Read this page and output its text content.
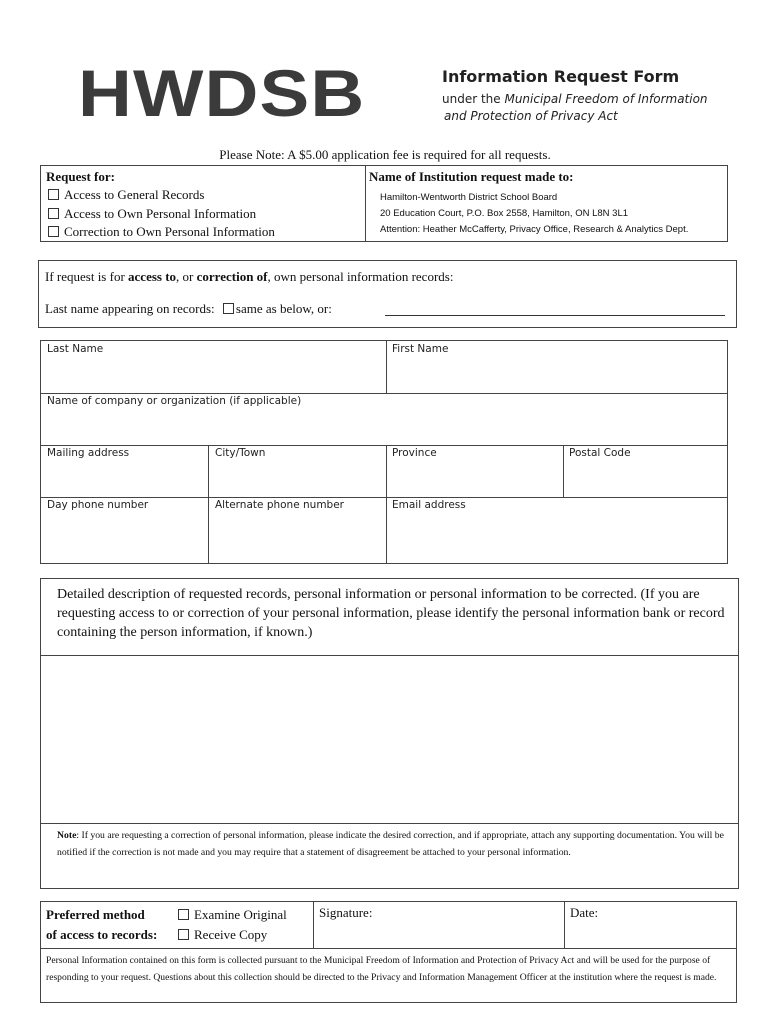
HWDSB	Information Request Form
under the Municipal Freedom of Information
and Protection of Privacy Act
Please Note: A $5.00 application fee is required for all requests.
Request for:
Access to General Records
Access to Own Personal Information
Correction to Own Personal Information
Name of Institution request made to:
Hamilton-Wentworth District School Board
20 Education Court, P.O. Box 2558, Hamilton, ON L8N 3L1
Attention: Heather McCafferty, Privacy Office, Research & Analytics Dept.
If request is for access to, or correction of, own personal information records:
Last name appearing on records: same as below, or:
Last Name	First Name
Name of company or organization (if applicable)
Mailing address	City/Town	Province	Postal Code
Day phone number	Alternate phone number	Email address
Detailed description of requested records, personal information or personal information to be corrected. (If you are requesting access to or correction of your personal information, please identify the personal information bank or record containing the person information, if known.)
Note: If you are requesting a correction of personal information, please indicate the desired correction, and if appropriate, attach any supporting documentation. You will be notified if the correction is not made and you may require that a statement of disagreement be attached to your personal information.
Preferred method
of access to records:
Examine Original
Receive Copy
Signature:	Date:
Personal Information contained on this form is collected pursuant to the Municipal Freedom of Information and Protection of Privacy Act and will be used for the purpose of responding to your request. Questions about this collection should be directed to the Privacy and Information Management Officer at the institution where the request is made.
